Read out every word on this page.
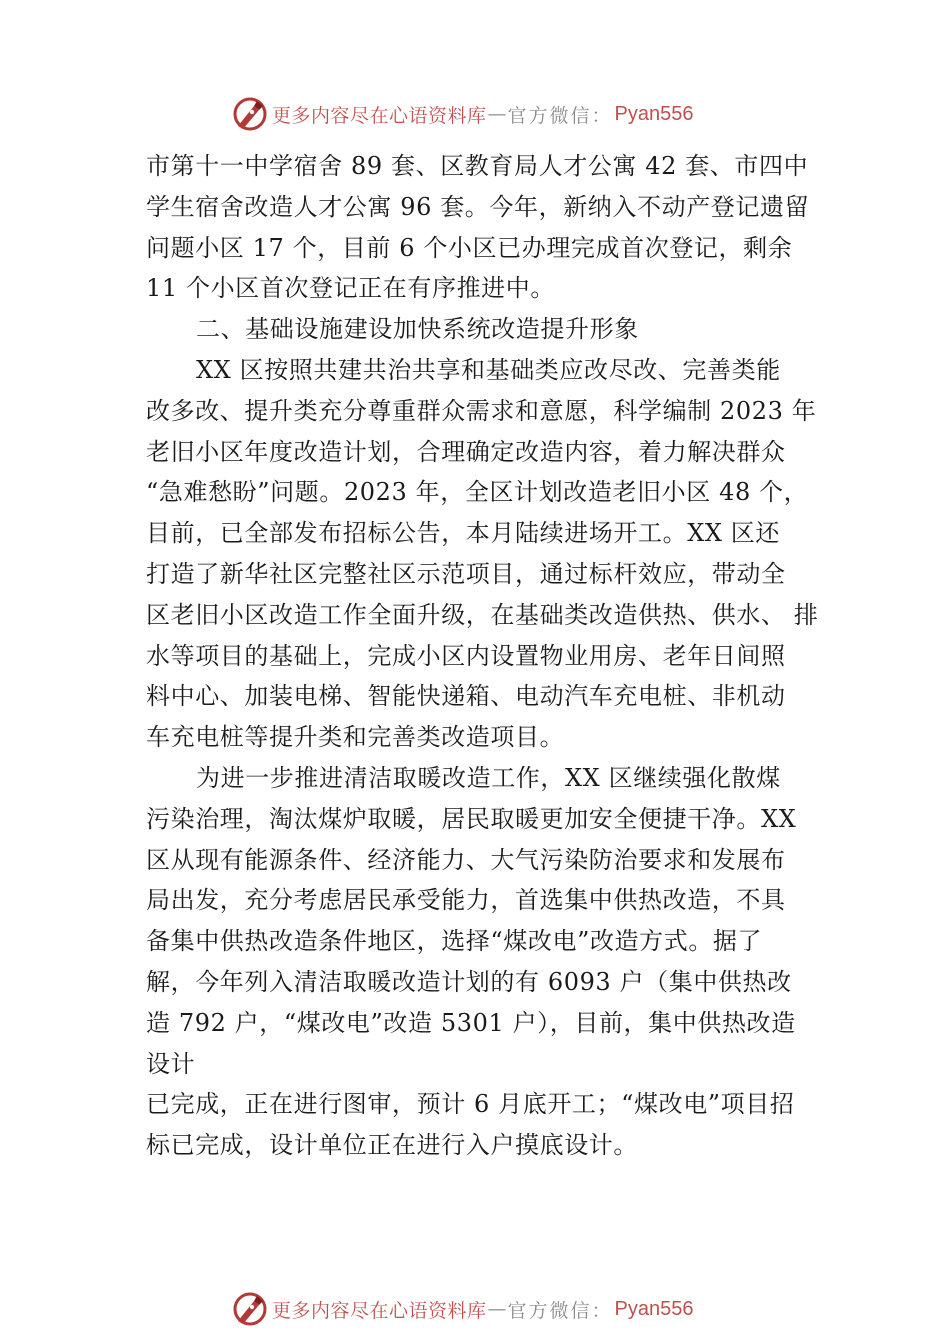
更多内容尽在心语资料库 — 官方微信： Pyan556
市第十一中学宿舍 89 套、区教育局人才公寓 42 套、市四中
学生宿舍改造人才公寓 96 套。今年，新纳入不动产登记遗留
问题小区 17 个，目前 6 个小区已办理完成首次登记，剩余
11 个小区首次登记正在有序推进中。
二、基础设施建设加快系统改造提升形象
XX 区按照共建共治共享和基础类应改尽改、完善类能
改多改、提升类充分尊重群众需求和意愿，科学编制 2023 年
老旧小区年度改造计划，合理确定改造内容，着力解决群众
“急难愁盼”问题。2023 年，全区计划改造老旧小区 48 个，
目前，已全部发布招标公告，本月陆续进场开工。XX 区还
打造了新华社区完整社区示范项目，通过标杆效应，带动全
区老旧小区改造工作全面升级，在基础类改造供热、供水、 排
水等项目的基础上，完成小区内设置物业用房、老年日间照
料中心、加装电梯、智能快递箱、电动汽车充电桩、非机动
车充电桩等提升类和完善类改造项目。
为进一步推进清洁取暖改造工作，XX 区继续强化散煤
污染治理，淘汰煤炉取暖，居民取暖更加安全便捷干净。XX
区从现有能源条件、经济能力、大气污染防治要求和发展布
局出发，充分考虑居民承受能力，首选集中供热改造，不具
备集中供热改造条件地区，选择“煤改电”改造方式。据了
解，今年列入清洁取暖改造计划的有 6093 户（集中供热改
造 792 户，“煤改电”改造 5301 户），目前，集中供热改造
设计
已完成，正在进行图审，预计 6 月底开工；“煤改电”项目招
标已完成，设计单位正在进行入户摸底设计。
更多内容尽在心语资料库 — 官方微信： Pyan556
